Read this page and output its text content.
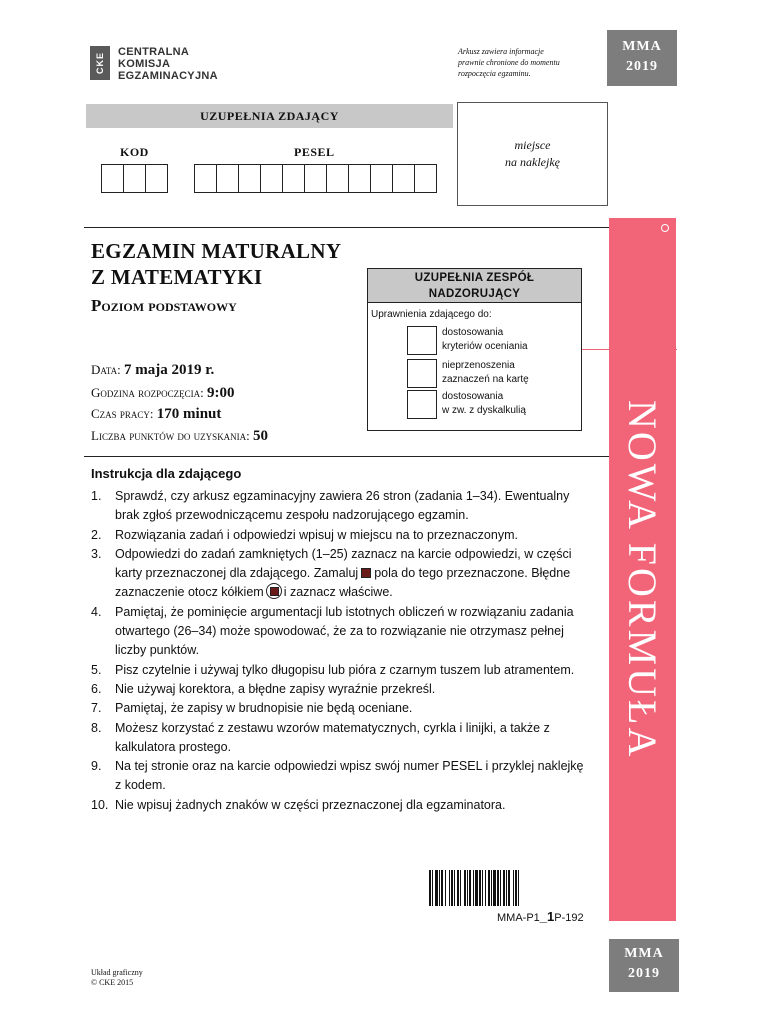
CKE	CENTRALNA
KOMISJA
EGZAMINACYJNA
Arkusz zawiera informacje
prawnie chronione do momentu
rozpoczęcia egzaminu.
MMA
2019
UZUPEŁNIA ZDAJĄCY
KOD	PESEL	miejsce
na naklejkę
EGZAMIN MATURALNY
Z MATEMATYKI
Poziom podstawowy
UZUPEŁNIA ZESPÓŁ
NADZORUJĄCY
Uprawnienia zdającego do:
dostosowania
kryteriów oceniania
nieprzenoszenia
zaznaczeń na kartę
dostosowania
w zw. z dyskalkulią
Data: 7 maja 2019 r.
Godzina rozpoczęcia: 9:00
Czas pracy: 170 minut
Liczba punktów do uzyskania: 50
Instrukcja dla zdającego
1.	Sprawdź, czy arkusz egzaminacyjny zawiera 26 stron (zadania 1–34). Ewentualny brak zgłoś przewodniczącemu zespołu nadzorującego egzamin.
2.	Rozwiązania zadań i odpowiedzi wpisuj w miejscu na to przeznaczonym.
3.	Odpowiedzi do zadań zamkniętych (1–25) zaznacz na karcie odpowiedzi, w części karty przeznaczonej dla zdającego. Zamaluj pola do tego przeznaczone. Błędne zaznaczenie otocz kółkiem i zaznacz właściwe.
4.	Pamiętaj, że pominięcie argumentacji lub istotnych obliczeń w rozwiązaniu zadania otwartego (26–34) może spowodować, że za to rozwiązanie nie otrzymasz pełnej liczby punktów.
5.	Pisz czytelnie i używaj tylko długopisu lub pióra z czarnym tuszem lub atramentem.
6.	Nie używaj korektora, a błędne zapisy wyraźnie przekreśl.
7.	Pamiętaj, że zapisy w brudnopisie nie będą oceniane.
8.	Możesz korzystać z zestawu wzorów matematycznych, cyrkla i linijki, a także z kalkulatora prostego.
9.	Na tej stronie oraz na karcie odpowiedzi wpisz swój numer PESEL i przyklej naklejkę z kodem.
10. Nie wpisuj żadnych znaków w części przeznaczonej dla egzaminatora.
MMA-P1_1P-192
Układ graficzny
© CKE 2015
NOWA FORMUŁA
MMA
2019
